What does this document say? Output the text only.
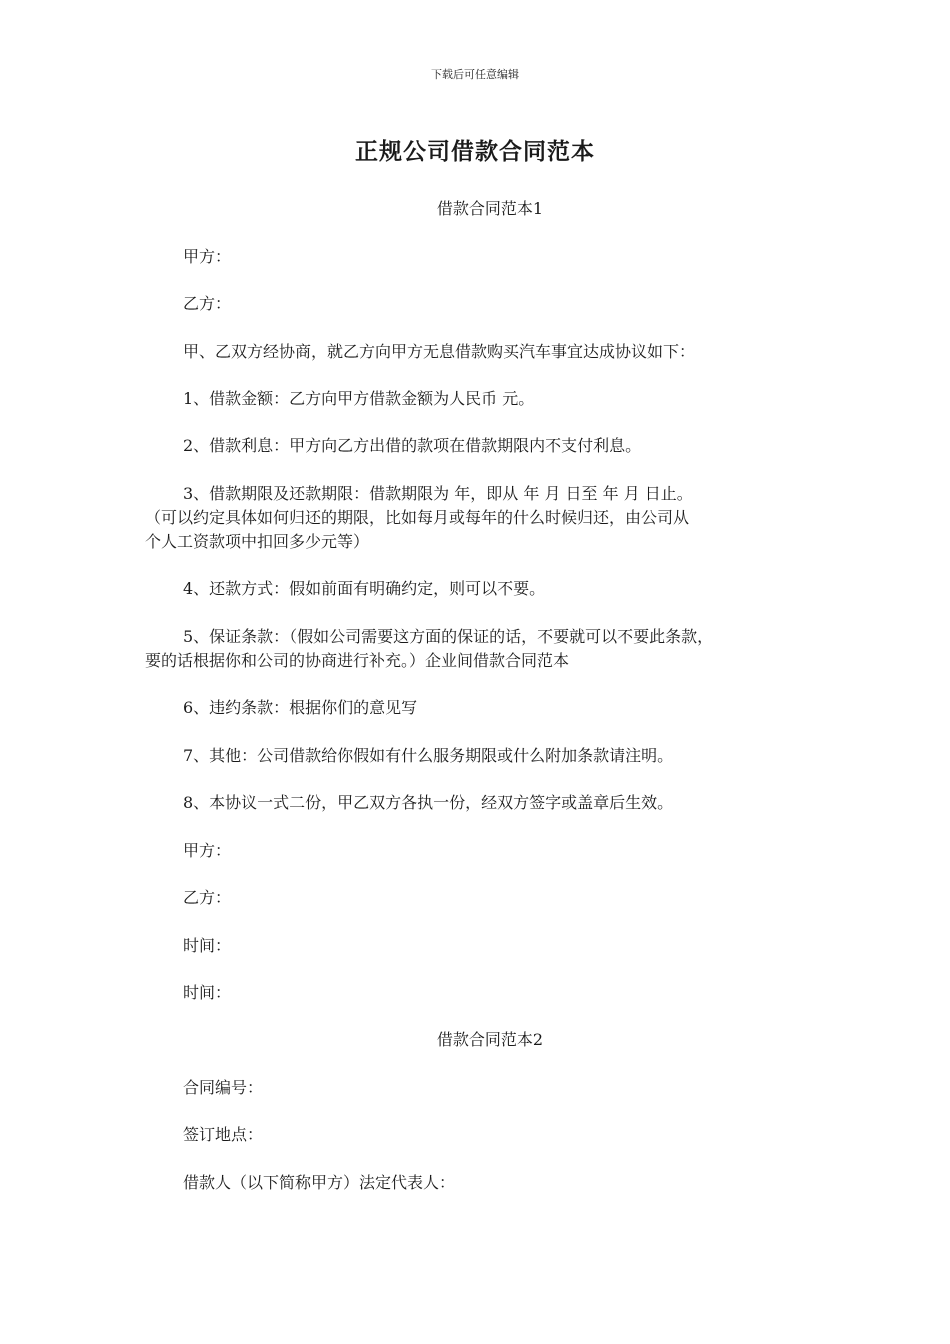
下载后可任意编辑
正规公司借款合同范本
借款合同范本1
甲方：
乙方：
甲、乙双方经协商，就乙方向甲方无息借款购买汽车事宜达成协议如下：
1、借款金额：乙方向甲方借款金额为人民币 元。
2、借款利息：甲方向乙方出借的款项在借款期限内不支付利息。
3、借款期限及还款期限：借款期限为 年，即从 年 月 日至 年 月 日止。
（可以约定具体如何归还的期限，比如每月或每年的什么时候归还，由公司从
个人工资款项中扣回多少元等）
4、还款方式：假如前面有明确约定，则可以不要。
5、保证条款：（假如公司需要这方面的保证的话，不要就可以不要此条款，
要的话根据你和公司的协商进行补充。）企业间借款合同范本
6、违约条款：根据你们的意见写
7、其他：公司借款给你假如有什么服务期限或什么附加条款请注明。
8、本协议一式二份，甲乙双方各执一份，经双方签字或盖章后生效。
甲方：
乙方：
时间：
时间：
借款合同范本2
合同编号：
签订地点：
借款人（以下简称甲方）法定代表人：
